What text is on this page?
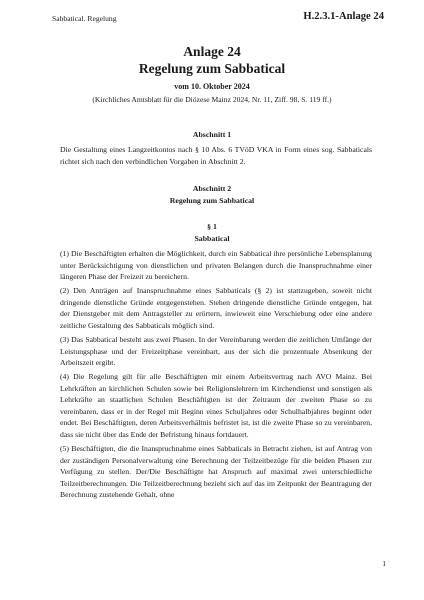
Sabbatical. Regelung	H.2.3.1-Anlage 24
Anlage 24
Regelung zum Sabbatical
vom 10. Oktober 2024
(Kirchliches Amtsblatt für die Diözese Mainz 2024, Nr. 11, Ziff. 98, S. 119 ff.)
Abschnitt 1

Die Gestaltung eines Langzeitkontos nach § 10 Abs. 6 TVöD VKA in Form eines sog. Sabbaticals richtet sich nach den verbindlichen Vorgaben in Abschnitt 2.

Abschnitt 2
Regelung zum Sabbatical
§ 1
Sabbatical

(1) Die Beschäftigten erhalten die Möglichkeit, durch ein Sabbatical ihre persönliche Lebensplanung unter Berücksichtigung von dienstlichen und privaten Belangen durch die Inanspruchnahme einer längeren Phase der Freizeit zu bereichern.

(2) Den Anträgen auf Inanspruchnahme eines Sabbaticals (§ 2) ist stattzugeben, soweit nicht dringende dienstliche Gründe entgegenstehen. Stehen dringende dienstliche Gründe entgegen, hat der Dienstgeber mit dem Antragsteller zu erörtern, inwieweit eine Verschiebung oder eine andere zeitliche Gestaltung des Sabbaticals möglich sind.

(3) Das Sabbatical besteht aus zwei Phasen. In der Vereinbarung werden die zeitlichen Umfänge der Leistungsphase und der Freizeitphase vereinbart, aus der sich die prozentuale Absenkung der Arbeitszeit ergibt.

(4) Die Regelung gilt für alle Beschäftigten mit einem Arbeitsvertrag nach AVO Mainz. Bei Lehrkräften an kirchlichen Schulen sowie bei Religionslehrern im Kirchendienst und sonstigen als Lehrkräfte an staatlichen Schulen Beschäftigten ist der Zeitraum der zweiten Phase so zu vereinbaren, dass er in der Regel mit Beginn eines Schuljahres oder Schulhalbjahres beginnt oder endet. Bei Beschäftigten, deren Arbeitsverhältnis befristet ist, ist die zweite Phase so zu vereinbaren, dass sie nicht über das Ende der Befristung hinaus fortdauert.

(5) Beschäftigten, die die Inanspruchnahme eines Sabbaticals in Betracht ziehen, ist auf Antrag von der zuständigen Personalverwaltung eine Berechnung der Teilzeitbezüge für die beiden Phasen zur Verfügung zu stellen. Der/Die Beschäftigte hat Anspruch auf maximal zwei unterschiedliche Teilzeitberechnungen. Die Teilzeitberechnung bezieht sich auf das im Zeitpunkt der Beantragung der Berechnung zustehende Gehalt, ohne

1
